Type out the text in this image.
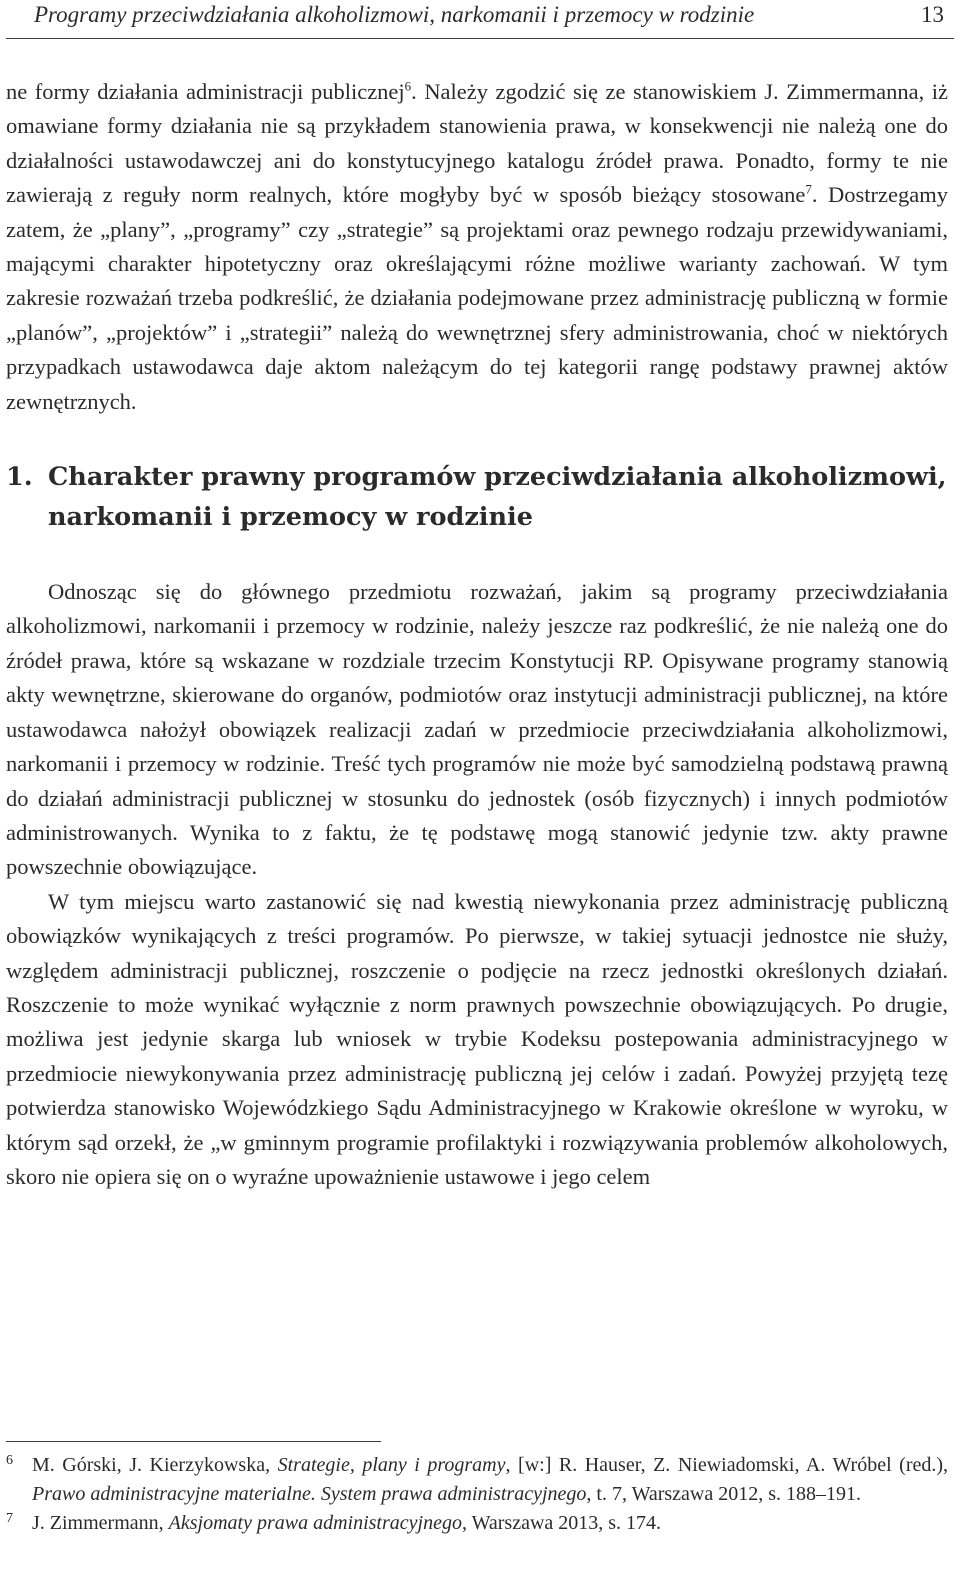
Programy przeciwdziałania alkoholizmowi, narkomanii i przemocy w rodzinie	13

ne formy działania administracji publicznej$^6$. Należy zgodzić się ze stanowiskiem J. Zimmermanna, iż omawiane formy działania nie są przykładem stanowienia prawa, w konsekwencji nie należą one do działalności ustawodawczej ani do konstytucyjnego katalogu źródeł prawa. Ponadto, formy te nie zawierają z reguły norm realnych, które mogłyby być w sposób bieżący stosowane$^7$. Dostrzegamy zatem, że „plany”, „programy” czy „strategie” są projektami oraz pewnego rodzaju przewidywaniami, mającymi charakter hipotetyczny oraz określającymi różne możliwe warianty zachowań. W tym zakresie rozważań trzeba podkreślić, że działania podejmowane przez administrację publiczną w formie „planów”, „projektów” i „strategii” należą do wewnętrznej sfery administrowania, choć w niektórych przypadkach ustawodawca daje aktom należącym do tej kategorii rangę podstawy prawnej aktów zewnętrznych.

1. Charakter prawny programów przeciwdziałania alkoholizmowi, narkomanii i przemocy w rodzinie

Odnosząc się do głównego przedmiotu rozważań, jakim są programy przeciwdziałania alkoholizmowi, narkomanii i przemocy w rodzinie, należy jeszcze raz podkreślić, że nie należą one do źródeł prawa, które są wskazane w rozdziale trzecim Konstytucji RP. Opisywane programy stanowią akty wewnętrzne, skierowane do organów, podmiotów oraz instytucji administracji publicznej, na które ustawodawca nałożył obowiązek realizacji zadań w przedmiocie przeciwdziałania alkoholizmowi, narkomanii i przemocy w rodzinie. Treść tych programów nie może być samodzielną podstawą prawną do działań administracji publicznej w stosunku do jednostek (osób fizycznych) i innych podmiotów administrowanych. Wynika to z faktu, że tę podstawę mogą stanowić jedynie tzw. akty prawne powszechnie obowiązujące.

W tym miejscu warto zastanowić się nad kwestią niewykonania przez administrację publiczną obowiązków wynikających z treści programów. Po pierwsze, w takiej sytuacji jednostce nie służy, względem administracji publicznej, roszczenie o podjęcie na rzecz jednostki określonych działań. Roszczenie to może wynikać wyłącznie z norm prawnych powszechnie obowiązujących. Po drugie, możliwa jest jedynie skarga lub wniosek w trybie Kodeksu postepowania administracyjnego w przedmiocie niewykonywania przez administrację publiczną jej celów i zadań. Powyżej przyjętą tezę potwierdza stanowisko Wojewódzkiego Sądu Administracyjnego w Krakowie określone w wyroku, w którym sąd orzekł, że „w gminnym programie profilaktyki i rozwiązywania problemów alkoholowych, skoro nie opiera się on o wyraźne upoważnienie ustawowe i jego celem

6 M. Górski, J. Kierzykowska, Strategie, plany i programy, [w:] R. Hauser, Z. Niewiadomski, A. Wróbel (red.), Prawo administracyjne materialne. System prawa administracyjnego, t. 7, Warszawa 2012, s. 188–191.
7 J. Zimmermann, Aksjomaty prawa administracyjnego, Warszawa 2013, s. 174.
